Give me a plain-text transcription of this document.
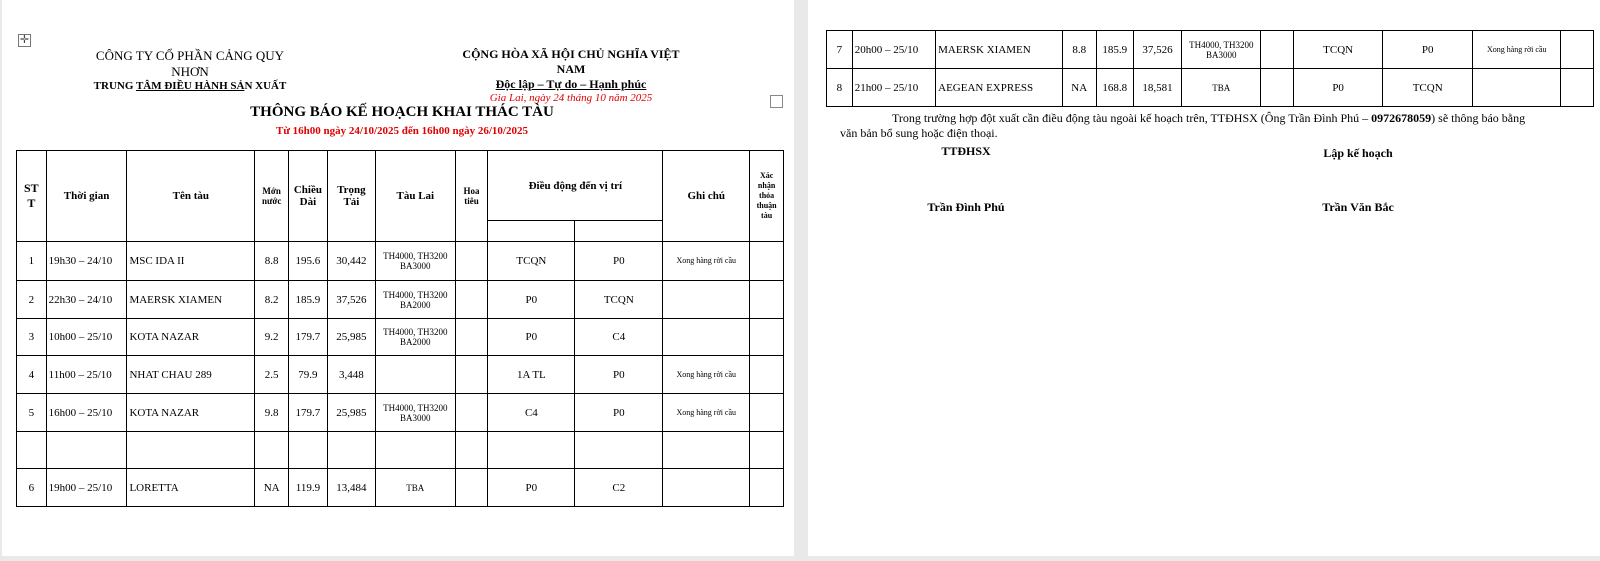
✛
CÔNG TY CỔ PHẦN CẢNG QUY NHƠN
TRUNG TÂM ĐIỀU HÀNH SẢN XUẤT
CỘNG HÒA XÃ HỘI CHỦ NGHĨA VIỆT NAM
Độc lập – Tự do – Hạnh phúc
Gia Lai, ngày 24 tháng 10 năm 2025
THÔNG BÁO KẾ HOẠCH KHAI THÁC TÀU
Từ 16h00 ngày 24/10/2025 đến 16h00 ngày 26/10/2025
ST T	Thời gian	Tên tàu	Mớn nước	Chiều Dài	Trọng Tải	Tàu Lai	Hoa tiêu	Điều động đến vị trí		Ghi chú	Xác nhận thỏa thuận tàu

1	19h30 – 24/10	MSC IDA II	8.8	195.6	30,442	TH4000, TH3200 BA3000		TCQN	P0	Xong hàng rời cầu	
2	22h30 – 24/10	MAERSK XIAMEN	8.2	185.9	37,526	TH4000, TH3200 BA2000		P0	TCQN		
3	10h00 – 25/10	KOTA NAZAR	9.2	179.7	25,985	TH4000, TH3200 BA2000		P0	C4		
4	11h00 – 25/10	NHAT CHAU 289	2.5	79.9	3,448			1A TL	P0	Xong hàng rời cầu	
5	16h00 – 25/10	KOTA NAZAR	9.8	179.7	25,985	TH4000, TH3200 BA3000		C4	P0	Xong hàng rời cầu	

6	19h00 – 25/10	LORETTA	NA	119.9	13,484	TBA		P0	C2		
7	20h00 – 25/10	MAERSK XIAMEN	8.8	185.9	37,526	TH4000, TH3200 BA3000		TCQN	P0	Xong hàng rời cầu	
8	21h00 – 25/10	AEGEAN EXPRESS	NA	168.8	18,581	TBA		P0	TCQN		
Trong trường hợp đột xuất cần điều động tàu ngoài kế hoạch trên, TTĐHSX (Ông Trần Đình Phú – 0972678059) sẽ thông báo bằng văn bản bổ sung hoặc điện thoại.
TTĐHSX	Lập kế hoạch
Trần Đình Phú	Trần Văn Bắc
